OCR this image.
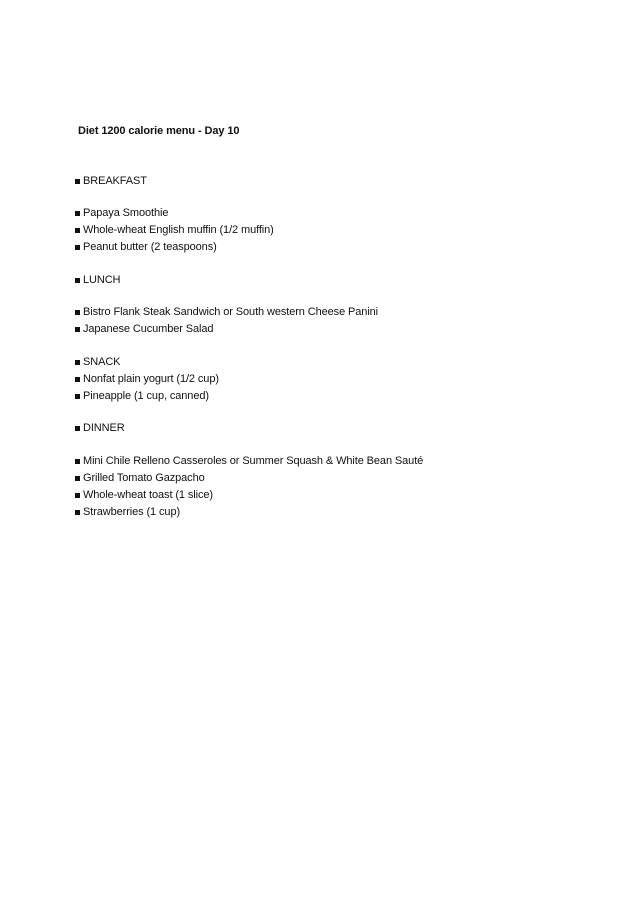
Diet 1200 calorie menu - Day 10
BREAKFAST
Papaya Smoothie
Whole-wheat English muffin (1/2 muffin)
Peanut butter (2 teaspoons)
LUNCH
Bistro Flank Steak Sandwich or South western Cheese Panini
Japanese Cucumber Salad
SNACK
Nonfat plain yogurt (1/2 cup)
Pineapple (1 cup, canned)
DINNER
Mini Chile Relleno Casseroles or Summer Squash & White Bean Sauté
Grilled Tomato Gazpacho
Whole-wheat toast (1 slice)
Strawberries (1 cup)
